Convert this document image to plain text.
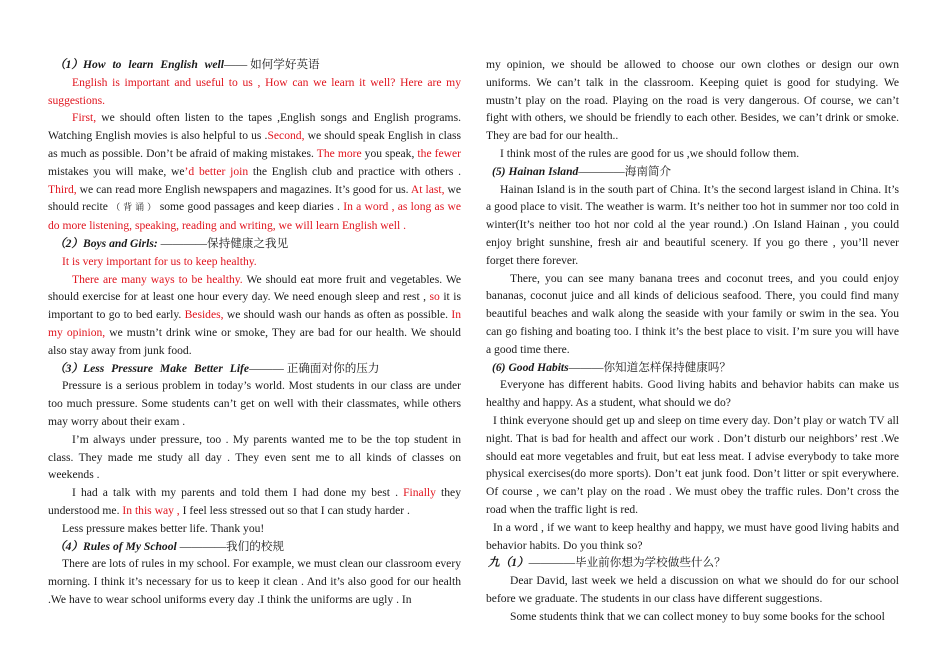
（1）How to learn English well—— 如何学好英语

English is important and useful to us , How can we learn it well? Here are my suggestions.

First, we should often listen to the tapes ,English songs and English programs. Watching English movies is also helpful to us .Second, we should speak English in class as much as possible. Don’t be afraid of making mistakes. The more you speak, the fewer mistakes you will make, we’d better join the English club and practice with others . Third, we can read more English newspapers and magazines. It’s good for us. At last, we should recite （ 背 诵 ） some good passages and keep diaries . In a word , as long as we do more listening, speaking, reading and writing, we will learn English well .

（2）Boys and Girls: ————保持健康之我见

It is very important for us to keep healthy.

There are many ways to be healthy. We should eat more fruit and vegetables. We should exercise for at least one hour every day. We need enough sleep and rest , so it is important to go to bed early. Besides, we should wash our hands as often as possible. In my opinion, we mustn’t drink wine or smoke, They are bad for our health. We should also stay away from junk food.

（3）Less Pressure Make Better Life——— 正确面对你的压力

Pressure is a serious problem in today’s world. Most students in our class are under too much pressure. Some students can’t get on well with their classmates, while others may worry about their exam .

I’m always under pressure, too . My parents wanted me to be the top student in class. They made me study all day . They even sent me to all kinds of classes on weekends .

I had a talk with my parents and told them I had done my best . Finally they understood me. In this way , I feel less stressed out so that I can study harder .

Less pressure makes better life. Thank you!

（4）Rules of My School ————我们的校规

There are lots of rules in my school. For example, we must clean our classroom every morning. I think it’s necessary for us to keep it clean . And it’s also good for our health .We have to wear school uniforms every day .I think the uniforms are ugly . In

my opinion, we should be allowed to choose our own clothes or design our own uniforms. We can’t talk in the classroom. Keeping quiet is good for studying. We mustn’t play on the road. Playing on the road is very dangerous. Of course, we can’t fight with others, we should be friendly to each other. Besides, we can’t drink or smoke. They are bad for our health..

I think most of the rules are good for us ,we should follow them.

(5) Hainan Island————海南简介

Hainan Island is in the south part of China. It’s the second largest island in China. It’s a good place to visit. The weather is warm. It’s neither too hot in summer nor too cold in winter(It’s neither too hot nor cold al the year round.) .On Island Hainan , you could enjoy bright sunshine, fresh air and beautiful scenery. If you go there , you’ll never forget there forever.

There, you can see many banana trees and coconut trees, and you could enjoy bananas, coconut juice and all kinds of delicious seafood. There, you could find many beautiful beaches and walk along the seaside with your family or swim in the sea. You can go fishing and boating too. I think it’s the best place to visit. I’m sure you will have a good time there.

(6) Good Habits———你知道怎样保持健康吗？

Everyone has different habits. Good living habits and behavior habits can make us healthy and happy. As a student, what should we do?

I think everyone should get up and sleep on time every day. Don’t play or watch TV all night. That is bad for health and affect our work . Don’t disturb our neighbors’ rest .We should eat more vegetables and fruit, but eat less meat. I advise everybody to take more physical exercises(do more sports). Don’t eat junk food. Don’t litter or spit everywhere. Of course , we can’t play on the road . We must obey the traffic rules. Don’t cross the road when the traffic light is red.

In a word , if we want to keep healthy and happy, we must have good living habits and behavior habits. Do you think so?

九（1）————毕业前你想为学校做些什么？

Dear David, last week we held a discussion on what we should do for our school before we graduate. The students in our class have different suggestions.

Some students think that we can collect money to buy some books for the school
